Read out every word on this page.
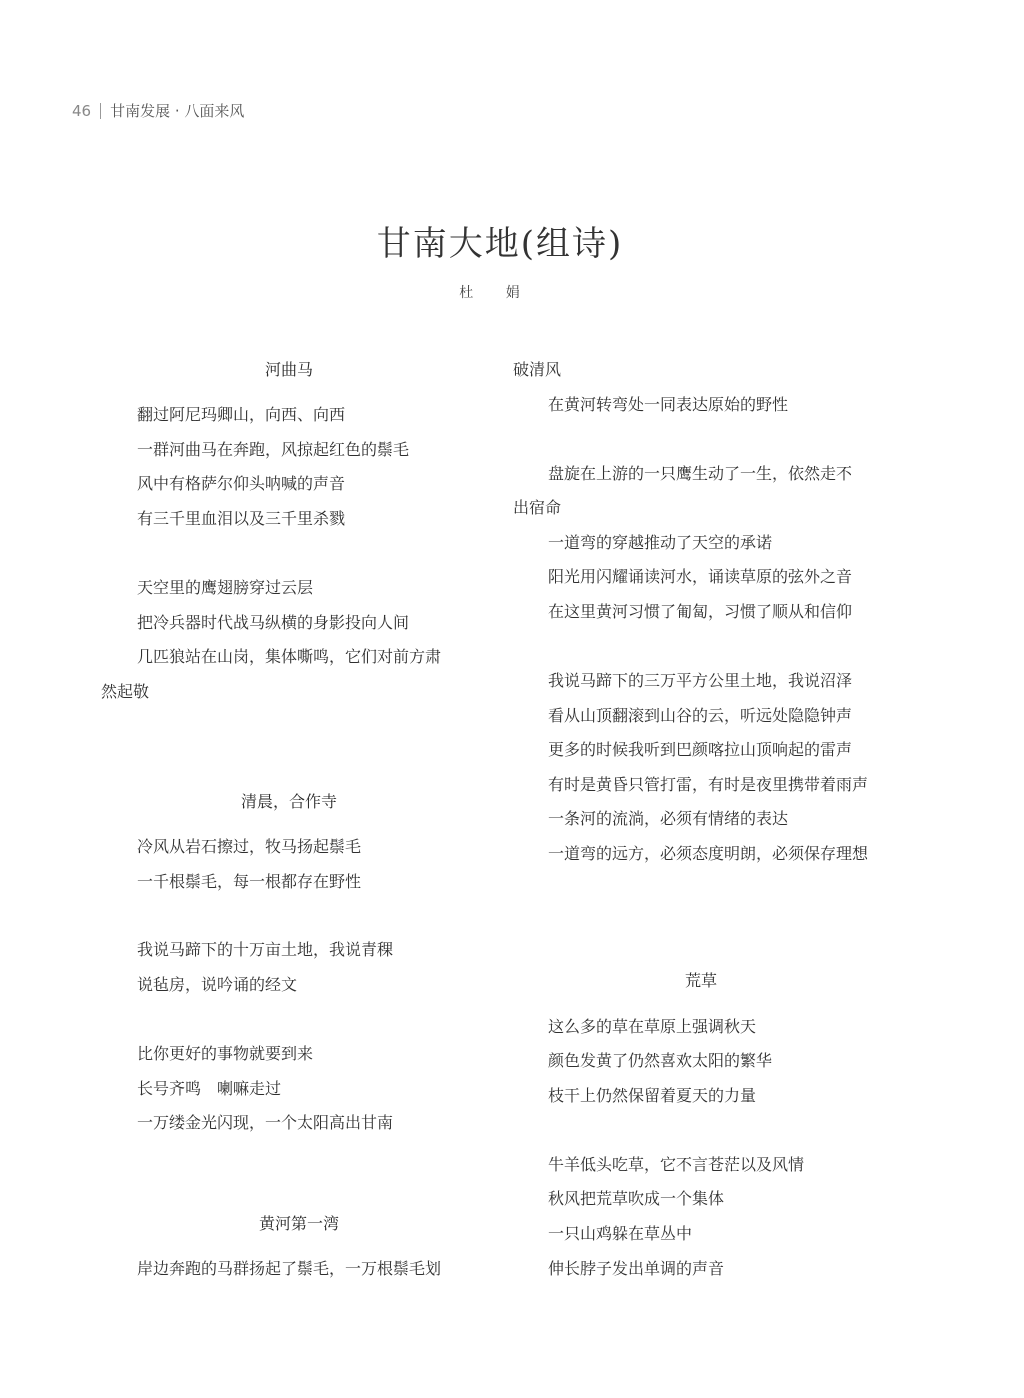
46 甘南发展 · 八面来风
甘南大地(组诗)
杜 娟
河曲马
翻过阿尼玛卿山，向西、向西
一群河曲马在奔跑，风掠起红色的鬃毛
风中有格萨尔仰头呐喊的声音
有三千里血泪以及三千里杀戮
天空里的鹰翅膀穿过云层
把冷兵器时代战马纵横的身影投向人间
几匹狼站在山岗，集体嘶鸣，它们对前方肃
然起敬
清晨，合作寺
冷风从岩石擦过，牧马扬起鬃毛
一千根鬃毛，每一根都存在野性
我说马蹄下的十万亩土地，我说青稞
说毡房，说吟诵的经文
比你更好的事物就要到来
长号齐鸣　喇嘛走过
一万缕金光闪现，一个太阳高出甘南
黄河第一湾
岸边奔跑的马群扬起了鬃毛，一万根鬃毛划
破清风
在黄河转弯处一同表达原始的野性
盘旋在上游的一只鹰生动了一生，依然走不
出宿命
一道弯的穿越推动了天空的承诺
阳光用闪耀诵读河水，诵读草原的弦外之音
在这里黄河习惯了匍匐，习惯了顺从和信仰
我说马蹄下的三万平方公里土地，我说沼泽
看从山顶翻滚到山谷的云，听远处隐隐钟声
更多的时候我听到巴颜喀拉山顶响起的雷声
有时是黄昏只管打雷，有时是夜里携带着雨声
一条河的流淌，必须有情绪的表达
一道弯的远方，必须态度明朗，必须保存理想
荒草
这么多的草在草原上强调秋天
颜色发黄了仍然喜欢太阳的繁华
枝干上仍然保留着夏天的力量
牛羊低头吃草，它不言苍茫以及风情
秋风把荒草吹成一个集体
一只山鸡躲在草丛中
伸长脖子发出单调的声音
